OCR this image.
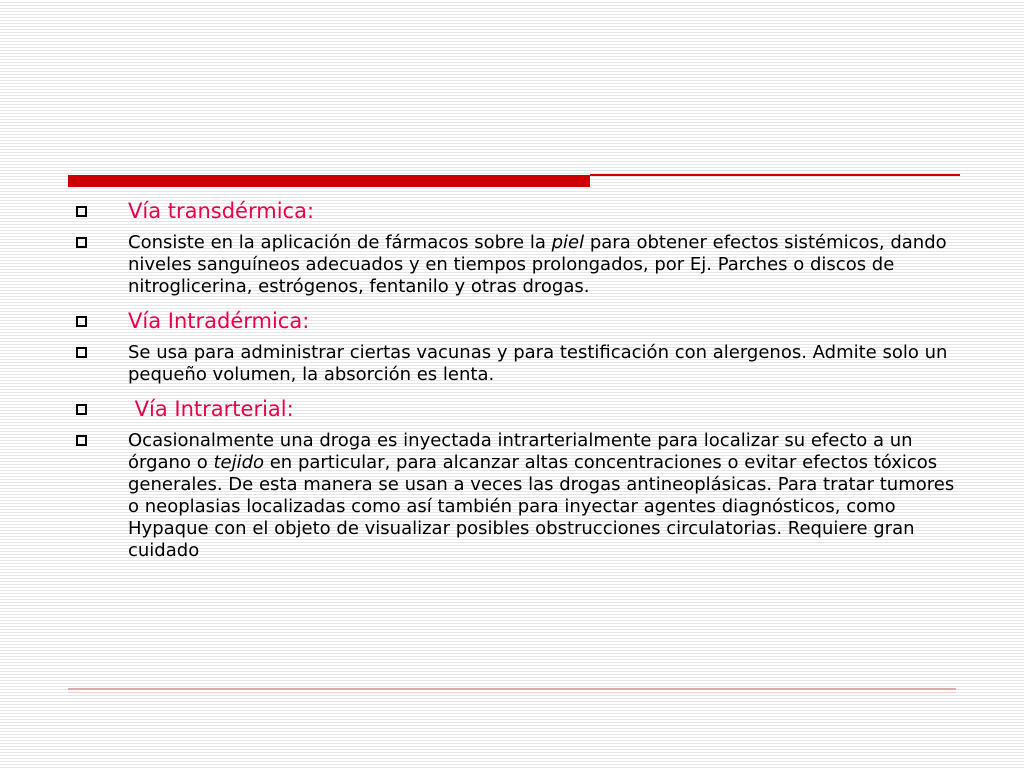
Vía transdérmica:
Consiste en la aplicación de fármacos sobre la piel para obtener efectos sistémicos, dando niveles sanguíneos adecuados y en tiempos prolongados, por Ej. Parches o discos de nitroglicerina, estrógenos, fentanilo y otras drogas.
Vía Intradérmica:
Se usa para administrar ciertas vacunas y para testificación con alergenos. Admite solo un pequeño volumen, la absorción es lenta.
Vía Intrarterial:
Ocasionalmente una droga es inyectada intrarterialmente para localizar su efecto a un órgano o tejido en particular, para alcanzar altas concentraciones o evitar efectos tóxicos generales. De esta manera se usan a veces las drogas antineoplásicas. Para tratar tumores o neoplasias localizadas como así también para inyectar agentes diagnósticos, como Hypaque con el objeto de visualizar posibles obstrucciones circulatorias. Requiere gran cuidado
